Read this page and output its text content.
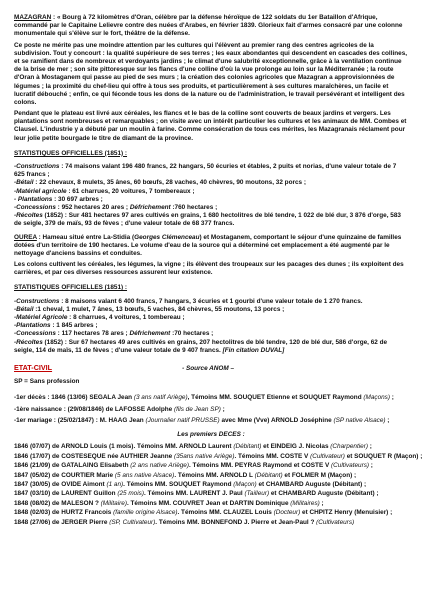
MAZAGRAN : « Bourg à 72 kilomètres d'Oran, célèbre par la défense héroïque de 122 soldats du 1er Bataillon d'Afrique, commandé par le Capitaine Lelievre contre des nuées d'Arabes, en février 1839. Glorieux fait d'armes consacré par une colonne monumentale qui s'élève sur le fort, théâtre de la défense.

Ce poste ne mérite pas une moindre attention par les cultures qui l'élèvent au premier rang des centres agricoles de la subdivision. Tout y concourt : la qualité supérieure de ses terres ; les eaux abondantes qui descendent en cascades des collines, et se ramifient dans de nombreux et verdoyants jardins ; le climat d'une salubrité exceptionnelle, grâce à la ventilation continue de la brise de mer ; son site pittoresque sur les flancs d'une colline d'où la vue prolonge au loin sur la Méditerranée ; la route d'Oran à Mostaganem qui passe au pied de ses murs ; la création des colonies agricoles que Mazagran a approvisionnées de légumes ; la proximité du chef-lieu qui offre à tous ses produits, et particulièrement à ses cultures maraîchères, un facile et lucratif débouché ; enfin, ce qui féconde tous les dons de la nature ou de l'administration, le travail persévérant et intelligent des colons.

Pendant que le plateau est livré aux céréales, les flancs et le bas de la colline sont couverts de beaux jardins et vergers. Les plantations sont nombreuses et remarquables ; on visite avec un intérêt particulier les cultures et les animaux de MM. Combes et Clausel. L'industrie y a débuté par un moulin à farine. Comme consécration de tous ces mérites, les Mazagranais réclament pour leur jolie petite bourgade le titre de diamant de la province.

STATISTIQUES OFFICIELLES (1851) :

-Constructions : 74 maisons valant 196 480 francs, 22 hangars, 50 écuries et étables, 2 puits et norias, d'une valeur totale de 7 625 francs ;

-Bétail : 22 chevaux, 8 mulets, 35 ânes, 60 bœufs, 28 vaches, 40 chèvres, 90 moutons, 32 porcs ;

-Matériel agricole : 61 charrues, 20 voitures, 7 tombereaux ;

- Plantations : 30 697 arbres ;

-Concessions : 952 hectares 20 ares ; Défrichement :760 hectares ;

-Récoltes (1852) : Sur 481 hectares 97 ares cultivés en grains, 1 680 hectolitres de blé tendre, 1 022 de blé dur, 3 876 d'orge, 583 de seigle, 379 de maïs, 93 de fèves ; d'une valeur totale de 68 377 francs.

OUREA : Hameau situé entre La-Stidia (Georges Clémenceau) et Mostaganem, comportant le séjour d'une quinzaine de familles dotées d'un territoire de 190 hectares. Le volume d'eau de la source qui a déterminé cet emplacement a été augmenté par le nettoyage d'anciens bassins et conduites.

Les colons cultivent les céréales, les légumes, la vigne ; ils élèvent des troupeaux sur les pacages des dunes ; ils exploitent des carrières, et par ces diverses ressources assurent leur existence.

STATISTIQUES OFFICIELLES (1851) :

-Constructions : 8 maisons valant 6 400 francs, 7 hangars, 3 écuries et 1 gourbi d'une valeur totale de 1 270 francs.

-Bétail :1 cheval, 1 mulet, 7 ânes, 13 bœufs, 5 vaches, 84 chèvres, 55 moutons, 13 porcs ;

-Matériel Agricole : 8 charrues, 4 voitures, 1 tombereau ;

-Plantations : 1 845 arbres ;

-Concessions : 117 hectares 78 ares ; Défrichement :70 hectares ;

-Récoltes (1852) : Sur 67 hectares 49 ares cultivés en grains, 207 hectolitres de blé tendre, 120 de blé dur, 586 d'orge, 62 de seigle, 114 de maïs, 11 de fèves ; d'une valeur totale de 9 407 francs. [Fin citation DUVAL]

ETAT-CIVIL	- Source ANOM –

SP = Sans profession

-1er décès : 1846 (13/06) SEGALA Jean (3 ans natif Ariège), Témoins MM. SOUQUET Etienne et SOUQUET Raymond (Maçons) ;

-1ère naissance : (29/08/1846) de LAFOSSE Adolphe (fils de Jean SP) ;

-1er mariage : (25/02/1847) : M. HAAG Jean (Journalier natif PRUSSE) avec Mme (Vve) ARNOLD Joséphine (SP native Alsace) ;

Les premiers DECES :

1846 (07/07) de ARNOLD Louis (1 mois). Témoins MM. ARNOLD Laurent (Débitant) et EINDEIG J. Nicolas (Charpentier) ;

1846 (17/07) de COSTESEQUE née AUTHIER Jeanne (35ans native Ariège). Témoins MM. COSTE V (Cultivateur) et SOUQUET R (Maçon) ;

1846 (21/09) de GATALAING Elisabeth (2 ans native Ariège). Témoins MM. PEYRAS Raymond et COSTE V (Cultivateurs) ;

1847 (05/02) de COURTIER Marie (5 ans native Alsace). Témoins MM. ARNOLD L (Débitant) et FOLMER M (Maçon) ;

1847 (30/05) de OVIDE Aimont (1 an). Témoins MM. SOUQUET Raymond (Maçon) et CHAMBARD Auguste (Débitant) ;

1847 (03/10) de LAURENT Guillon (25 mois). Témoins MM. LAURENT J. Paul (Tailleur) et CHAMBARD Auguste (Débitant) ;

1848 (08/02) de MALESON ? (Militaire). Témoins MM. COUVRET Jean et DARTIN Dominique (Militaires) ;

1848 (02/03) de HURTZ Francois (famille origine Alsace). Témoins MM. CLAUZEL Louis (Docteur) et CHPITZ Henry (Menuisier) ;

1848 (27/06) de JERGER Pierre (SP, Cultivateur). Témoins MM. BONNEFOND J. Pierre et Jean-Paul ? (Cultivateurs)
